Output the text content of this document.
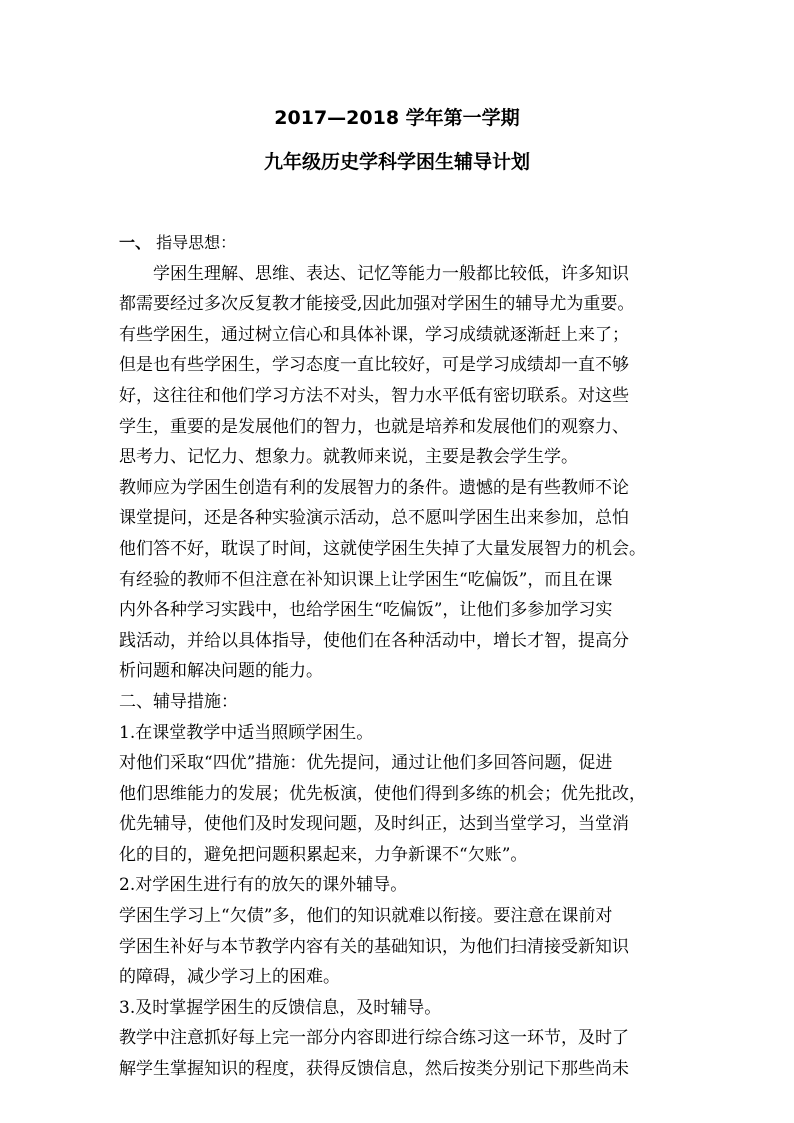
2017—2018 学年第一学期
九年级历史学科学困生辅导计划
一、 指导思想：
学困生理解、思维、表达、记忆等能力一般都比较低，许多知识
都需要经过多次反复教才能接受,因此加强对学困生的辅导尤为重要。
有些学困生，通过树立信心和具体补课，学习成绩就逐渐赶上来了；
但是也有些学困生，学习态度一直比较好，可是学习成绩却一直不够
好，这往往和他们学习方法不对头，智力水平低有密切联系。对这些
学生，重要的是发展他们的智力，也就是培养和发展他们的观察力、
思考力、记忆力、想象力。就教师来说，主要是教会学生学。
教师应为学困生创造有利的发展智力的条件。遗憾的是有些教师不论
课堂提问，还是各种实验演示活动，总不愿叫学困生出来参加，总怕
他们答不好，耽误了时间，这就使学困生失掉了大量发展智力的机会。
有经验的教师不但注意在补知识课上让学困生“吃偏饭”，而且在课
内外各种学习实践中，也给学困生“吃偏饭”，让他们多参加学习实
践活动，并给以具体指导，使他们在各种活动中，增长才智，提高分
析问题和解决问题的能力。
二、辅导措施：
1.在课堂教学中适当照顾学困生。
对他们采取“四优”措施：优先提问，通过让他们多回答问题，促进
他们思维能力的发展；优先板演，使他们得到多练的机会；优先批改，
优先辅导，使他们及时发现问题，及时纠正，达到当堂学习，当堂消
化的目的，避免把问题积累起来，力争新课不“欠账”。
2.对学困生进行有的放矢的课外辅导。
学困生学习上“欠债”多，他们的知识就难以衔接。要注意在课前对
学困生补好与本节教学内容有关的基础知识，为他们扫清接受新知识
的障碍，减少学习上的困难。
3.及时掌握学困生的反馈信息，及时辅导。
教学中注意抓好每上完一部分内容即进行综合练习这一环节，及时了
解学生掌握知识的程度，获得反馈信息，然后按类分别记下那些尚未
